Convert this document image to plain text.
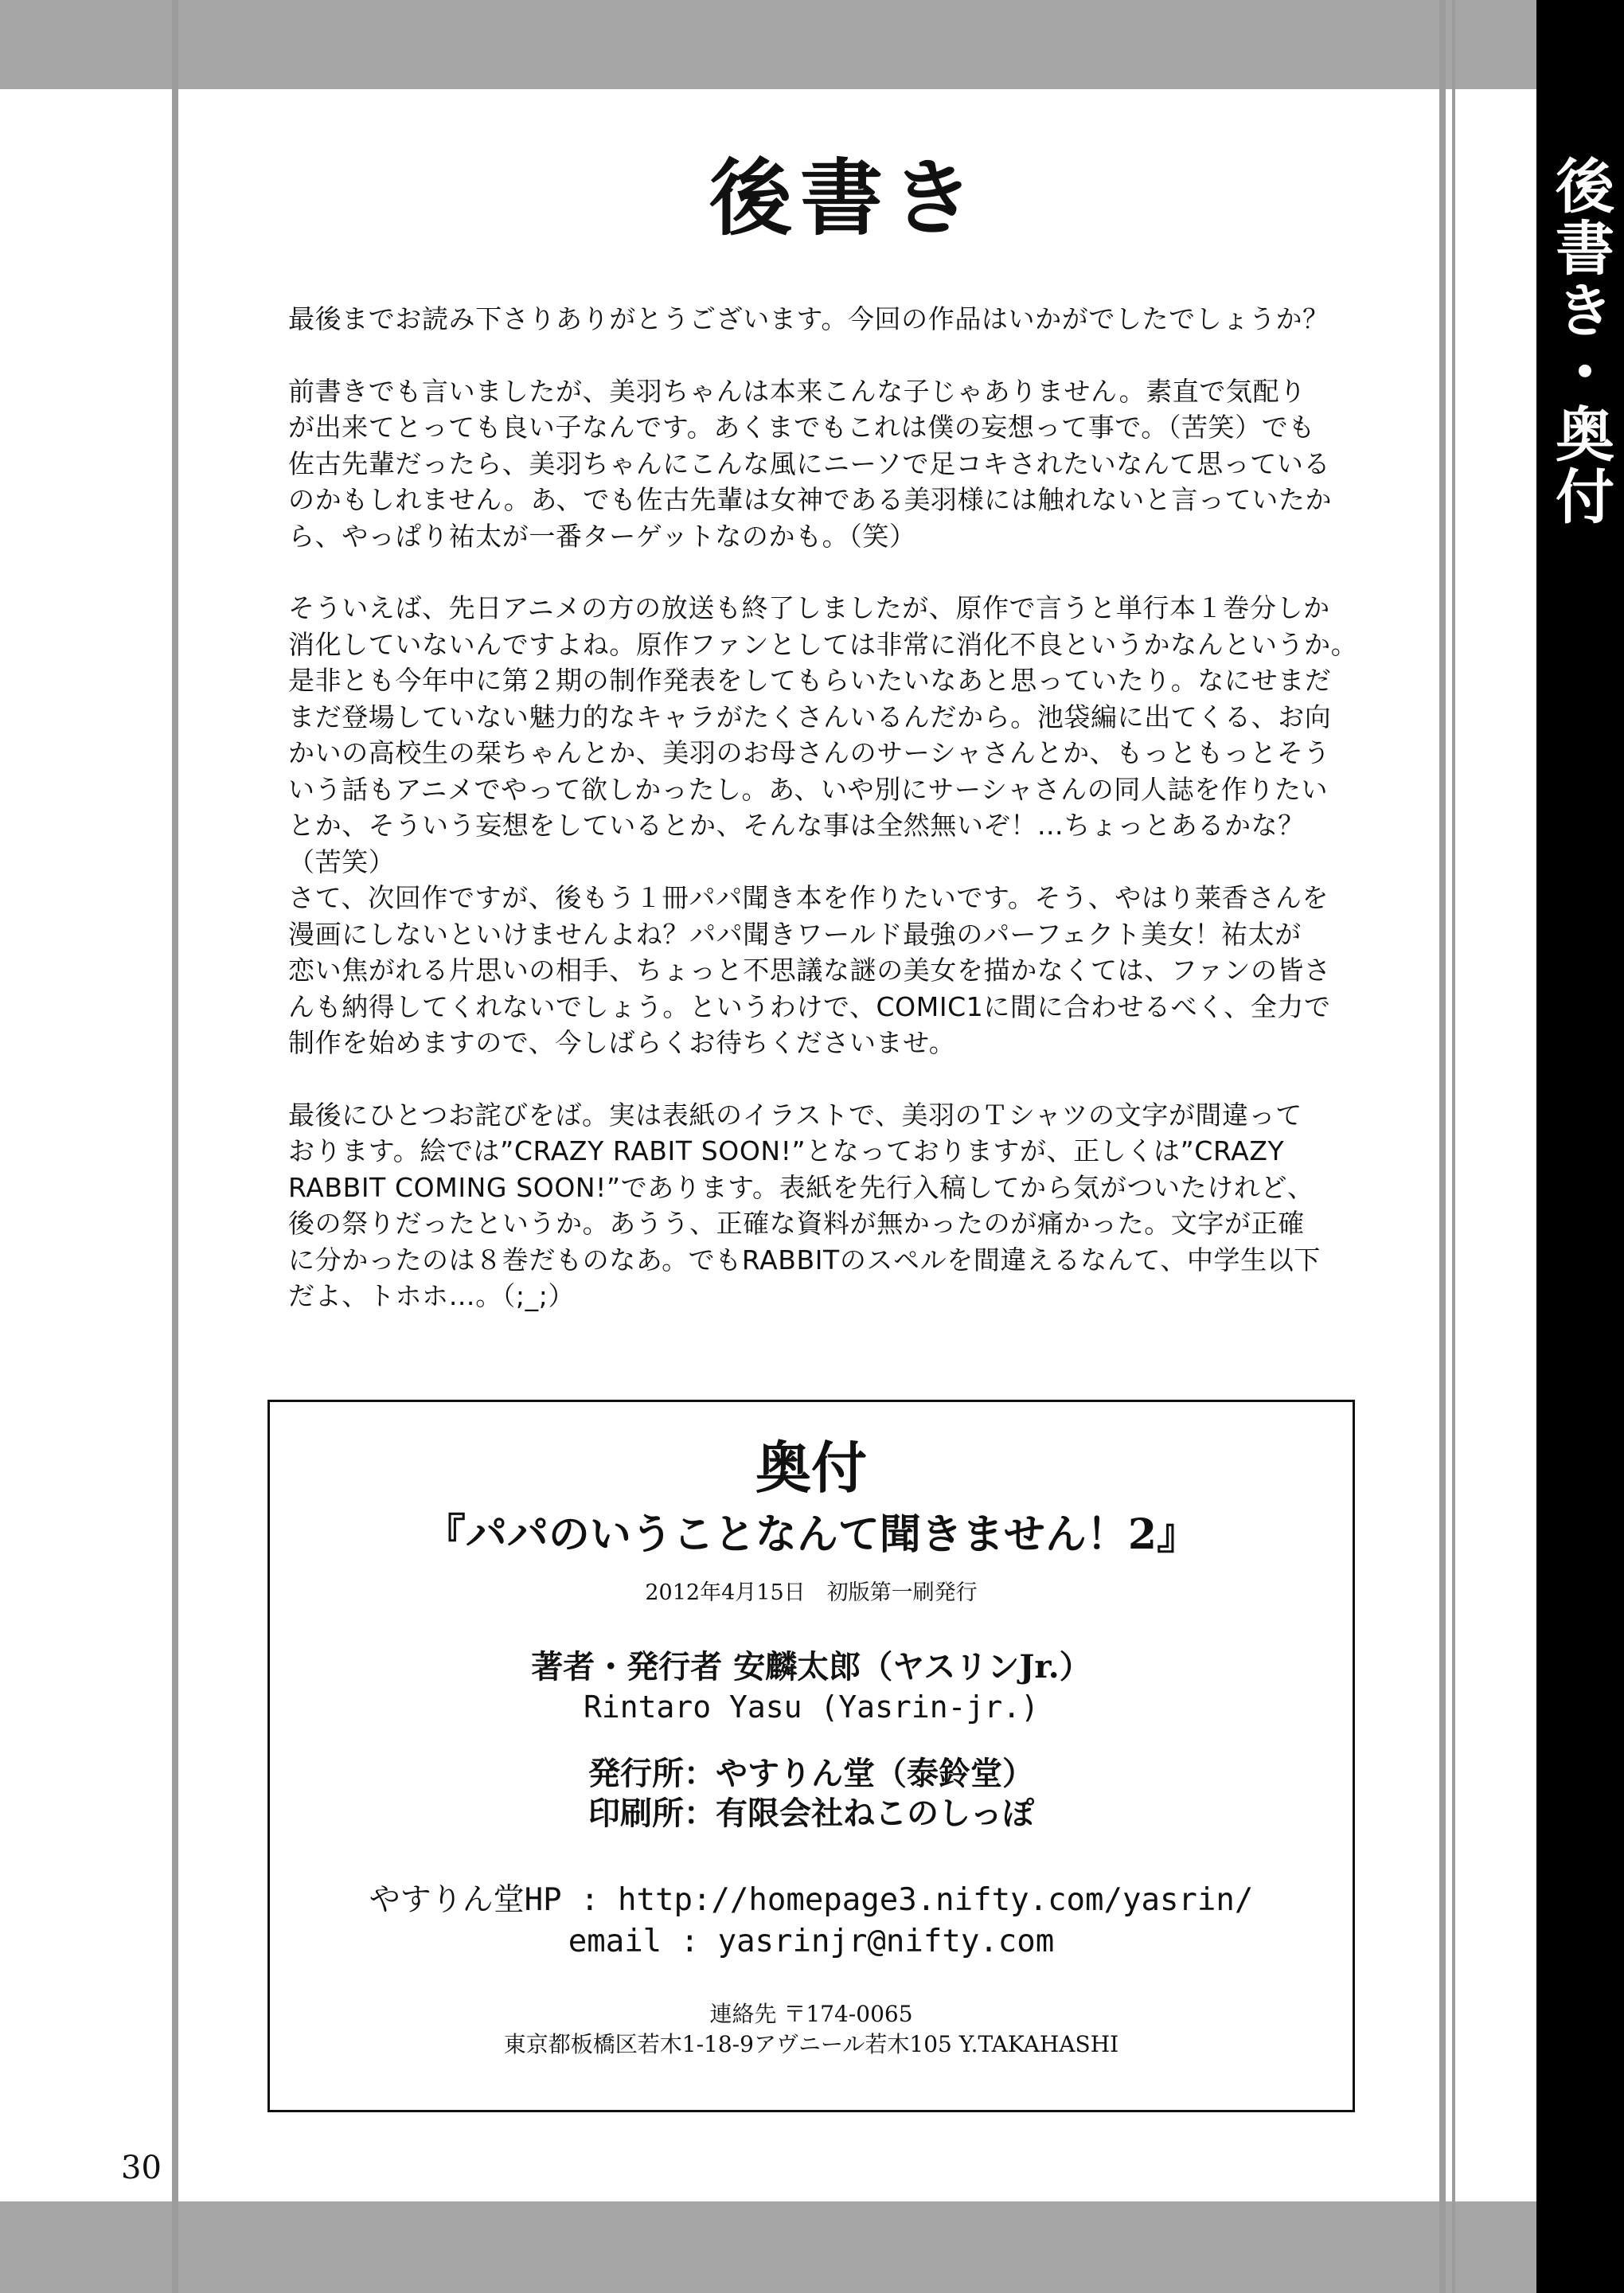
後書き・奥付
後書き
最後までお読み下さりありがとうございます。今回の作品はいかがでしたでしょうか？
前書きでも言いましたが、美羽ちゃんは本来こんな子じゃありません。素直で気配り
が出来てとっても良い子なんです。あくまでもこれは僕の妄想って事で。（苦笑）でも
佐古先輩だったら、美羽ちゃんにこんな風にニーソで足コキされたいなんて思っている
のかもしれません。あ、でも佐古先輩は女神である美羽様には触れないと言っていたか
ら、やっぱり祐太が一番ターゲットなのかも。（笑）
そういえば、先日アニメの方の放送も終了しましたが、原作で言うと単行本１巻分しか
消化していないんですよね。原作ファンとしては非常に消化不良というかなんというか。
是非とも今年中に第２期の制作発表をしてもらいたいなあと思っていたり。なにせまだ
まだ登場していない魅力的なキャラがたくさんいるんだから。池袋編に出てくる、お向
かいの高校生の栞ちゃんとか、美羽のお母さんのサーシャさんとか、もっともっとそう
いう話もアニメでやって欲しかったし。あ、いや別にサーシャさんの同人誌を作りたい
とか、そういう妄想をしているとか、そんな事は全然無いぞ！…ちょっとあるかな？
（苦笑）
さて、次回作ですが、後もう１冊パパ聞き本を作りたいです。そう、やはり莱香さんを
漫画にしないといけませんよね？パパ聞きワールド最強のパーフェクト美女！祐太が
恋い焦がれる片思いの相手、ちょっと不思議な謎の美女を描かなくては、ファンの皆さ
んも納得してくれないでしょう。というわけで、COMIC1に間に合わせるべく、全力で
制作を始めますので、今しばらくお待ちくださいませ。
最後にひとつお詫びをば。実は表紙のイラストで、美羽のＴシャツの文字が間違って
おります。絵では”CRAZY RABIT SOON!”となっておりますが、正しくは”CRAZY
RABBIT COMING SOON!”であります。表紙を先行入稿してから気がついたけれど、
後の祭りだったというか。あうう、正確な資料が無かったのが痛かった。文字が正確
に分かったのは８巻だものなあ。でもRABBITのスペルを間違えるなんて、中学生以下
だよ、トホホ…。（;_;）

奥付

『パパのいうことなんて聞きません！2』

2012年4月15日　初版第一刷発行

著者・発行者 安麟太郎（ヤスリンJr.）

Rintaro Yasu (Yasrin-jr.)

発行所：やすりん堂（泰鈴堂）

印刷所：有限会社ねこのしっぽ

やすりん堂HP : http://homepage3.nifty.com/yasrin/

email : yasrinjr@nifty.com

連絡先 〒174-0065

東京都板橋区若木1-18-9アヴニール若木105 Y.TAKAHASHI

30
